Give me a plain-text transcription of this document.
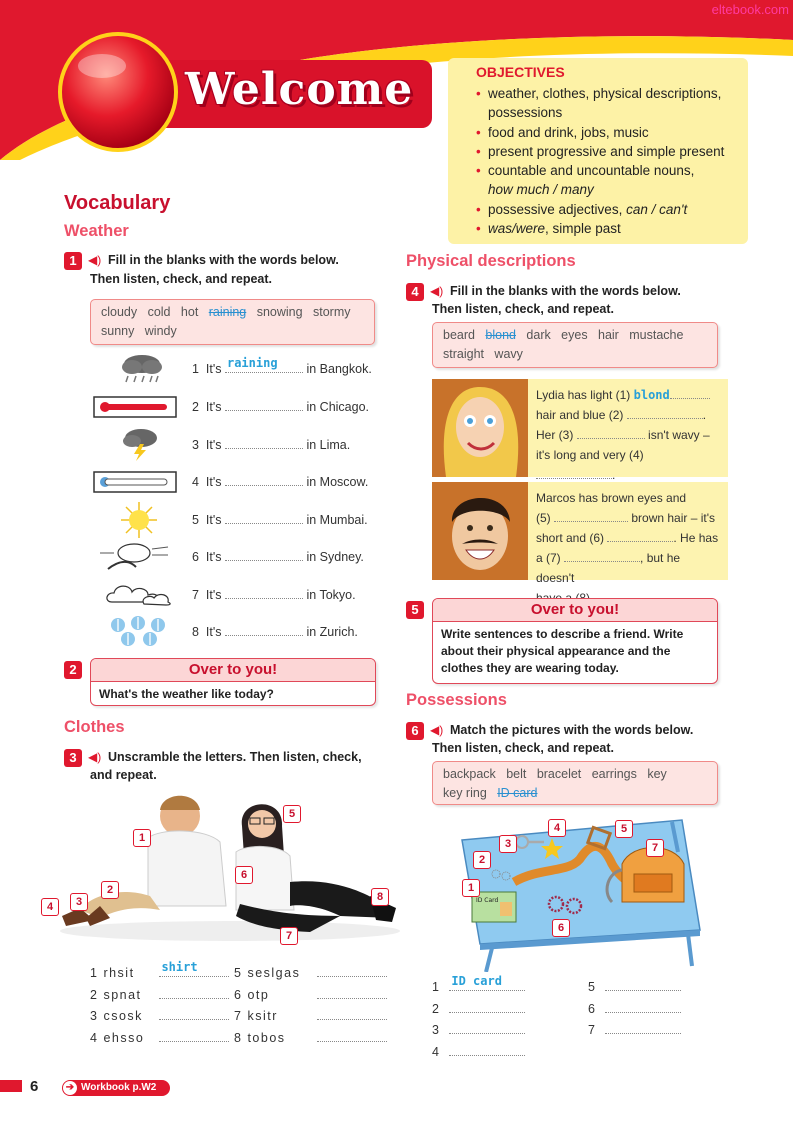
eltebook.com
Welcome	OBJECTIVES
• weather, clothes, physical descriptions, possessions
• food and drink, jobs, music
• present progressive and simple present
• countable and uncountable nouns,
how much / many
• possessive adjectives, can / can't
• was/were, simple past
Vocabulary
Weather
1 ◀) Fill in the blanks with the words below.
Then listen, check, and repeat.
cloudy cold hot raining snowing stormy
sunny windy
1 It's raining in Bangkok.
2 It's	in Chicago.
3 It's	in Lima.
4 It's	in Moscow.
5 It's	in Mumbai.
6 It's	in Sydney.
7 It's	in Tokyo.
8 It's	in Zurich.
2	Over to you!
What's the weather like today?
Clothes
3 ◀) Unscramble the letters. Then listen, check,
and repeat.
1
2
3
4
5
6
7
8
1 rhsit shirt
2 spnat
3 csosk
4 ehsso
5 seslgas
6 otp
7 ksitr
8 tobos
Physical descriptions
4 ◀) Fill in the blanks with the words below.
Then listen, check, and repeat.
beard blond dark eyes hair mustache
straight wavy
Lydia has light (1) blond
hair and blue (2)	.
Her (3)	isn't wavy –
it's long and very (4) .
Marcos has brown eyes and
(5)	brown hair – it's
short and (6)	. He has
a (7)	, but he doesn't

5	Over to you!
Write sentences to describe a friend. Write about their physical appearance and the clothes they are wearing today.
Possessions
6 ◀) Match the pictures with the words below.
Then listen, check, and repeat.
backpack belt bracelet earrings key
key ring ID card
ID Card
1
2
3
4	5
6
7
1 ID card
2
3
4
5
6
7
6	➔ Workbook p.W2
